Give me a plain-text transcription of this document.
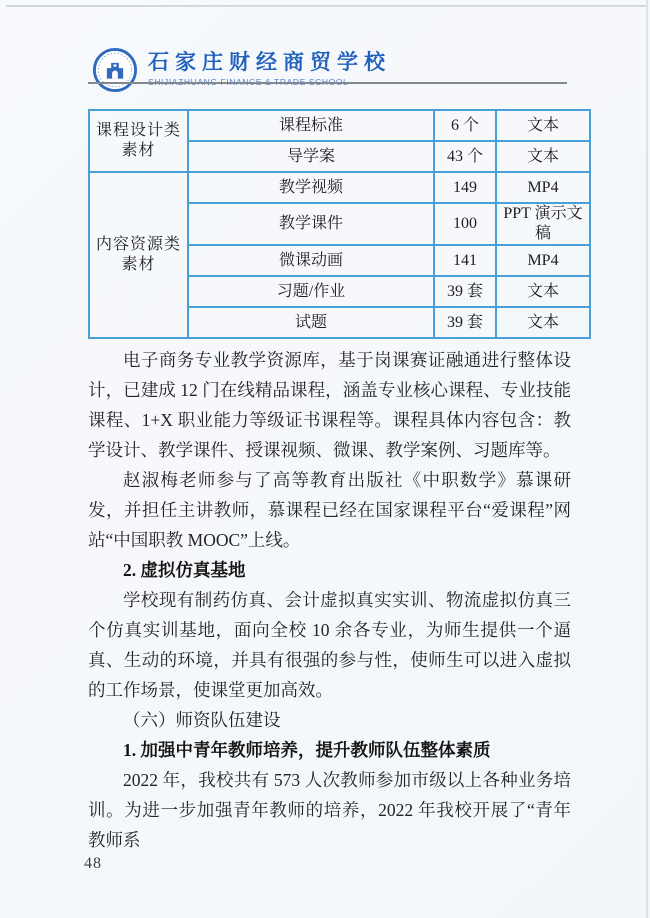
石家庄财经商贸学校
课程设计类素材	课程标准	6 个	文本
	导学案	43 个	文本
内容资源类素材	教学视频	149	MP4
	教学课件	100	PPT 演示文稿
	微课动画	141	MP4
	习题/作业	39 套	文本
	试题	39 套	文本

电子商务专业教学资源库，基于岗课赛证融通进行整体设计，已建成 12 门在线精品课程，涵盖专业核心课程、专业技能课程、1+X 职业能力等级证书课程等。课程具体内容包含：教学设计、教学课件、授课视频、微课、教学案例、习题库等。

赵淑梅老师参与了高等教育出版社《中职数学》慕课研发，并担任主讲教师，慕课程已经在国家课程平台“爱课程”网站“中国职教 MOOC”上线。

2. 虚拟仿真基地

学校现有制药仿真、会计虚拟真实实训、物流虚拟仿真三个仿真实训基地，面向全校 10 余各专业，为师生提供一个逼真、生动的环境，并具有很强的参与性，使师生可以进入虚拟的工作场景，使课堂更加高效。

（六）师资队伍建设

1. 加强中青年教师培养，提升教师队伍整体素质

2022 年，我校共有 573 人次教师参加市级以上各种业务培训。为进一步加强青年教师的培养，2022 年我校开展了“青年教师系

48
